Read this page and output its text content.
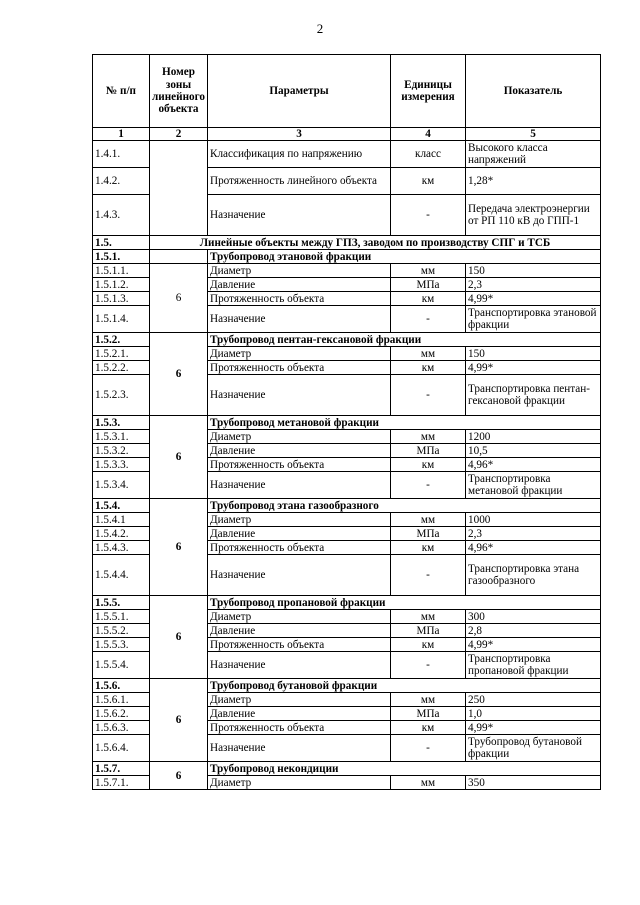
2
№ п/п	Номер зоны линейного объекта	Параметры	Единицы измерения	Показатель
1	2	3	4	5
1.4.1.		Классификация по напряжению	класс	Высокого класса напряжений
1.4.2.		Протяженность линейного объекта	км	1,28*
1.4.3.		Назначение	-	Передача электроэнергии от РП 110 кВ до ГПП-1
1.5.	Линейные объекты между ГПЗ, заводом по производству СПГ и ТСБ			
1.5.1.		Трубопровод этановой фракции		
1.5.1.1.	6	Диаметр	мм	150
1.5.1.2.		Давление	МПа	2,3
1.5.1.3.		Протяженность объекта	км	4,99*
1.5.1.4.		Назначение	-	Транспортировка этановой фракции
1.5.2.	6	Трубопровод пентан-гексановой фракции		
1.5.2.1.		Диаметр	мм	150
1.5.2.2.		Протяженность объекта	км	4,99*
1.5.2.3.		Назначение	-	Транспортировка пентан-гексановой фракции
1.5.3.	6	Трубопровод метановой фракции		
1.5.3.1.		Диаметр	мм	1200
1.5.3.2.		Давление	МПа	10,5
1.5.3.3.		Протяженность объекта	км	4,96*
1.5.3.4.		Назначение	-	Транспортировка метановой фракции
1.5.4.	6	Трубопровод этана газообразного		
1.5.4.1		Диаметр	мм	1000
1.5.4.2.		Давление	МПа	2,3
1.5.4.3.		Протяженность объекта	км	4,96*
1.5.4.4.		Назначение	-	Транспортировка этана газообразного
1.5.5.	6	Трубопровод пропановой фракции		
1.5.5.1.		Диаметр	мм	300
1.5.5.2.		Давление	МПа	2,8
1.5.5.3.		Протяженность объекта	км	4,99*
1.5.5.4.		Назначение	-	Транспортировка пропановой фракции
1.5.6.	6	Трубопровод бутановой фракции		
1.5.6.1.		Диаметр	мм	250
1.5.6.2.		Давление	МПа	1,0
1.5.6.3.		Протяженность объекта	км	4,99*
1.5.6.4.		Назначение	-	Трубопровод бутановой фракции
1.5.7.	6	Трубопровод некондиции		
1.5.7.1.		Диаметр	мм	350
